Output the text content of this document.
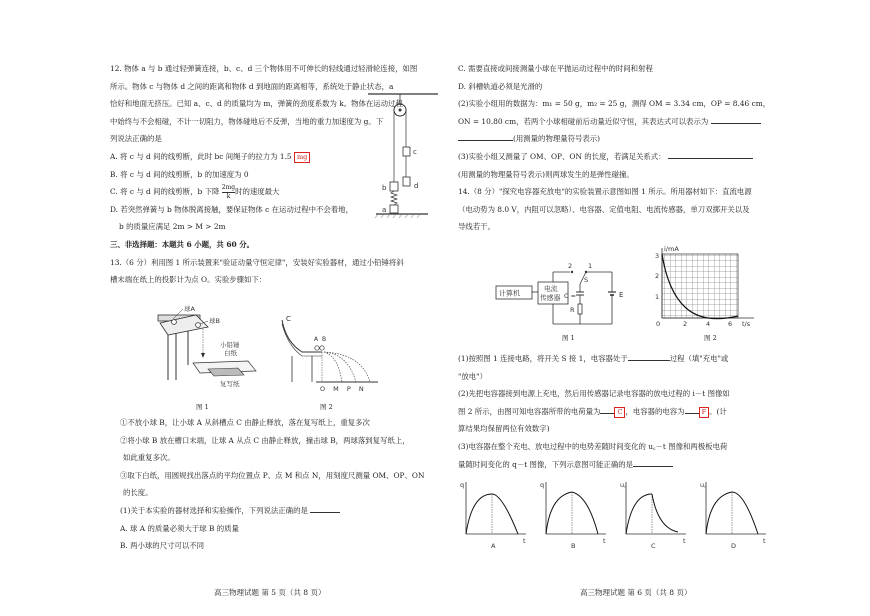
12. 物体 a 与 b 通过轻弹簧连接，b、c、d 三个物体用不可伸长的轻线通过轻滑轮连接，如图
所示。物体 c 与物体 d 之间的距离和物体 d 到地面的距离相等，系统处于静止状态，a
恰好和地面无挤压。已知 a、c、d 的质量均为 m，弹簧的劲度系数为 k。物体在运动过程
中始终与不会相碰，不计一切阻力，物体碰地后不反弹，当地的重力加速度为 g。下
列说法正确的是
A. 将 c 与 d 间的线剪断，此时 bc 间绳子的拉力为 1.5 mg
B. 将 c 与 d 间的线剪断，b 的加速度为 0
C. 将 c 与 d 间的线剪断，b 下降 $\frac{2mg}{k}$ 时的速度最大
D. 若突然弹簧与 b 物体脱离接触，要保证物体 c 在运动过程中不会着地，
b 的质量应满足 2m > M > 2m
三、非选择题：本题共 6 小题，共 60 分。
13.（6 分）利用图 1 所示装置来"验证动量守恒定律"，安装好实验器材，通过小铅锤将斜
槽末端在纸上的投影计为点 O。实验步骤如下：
c
d
b
a
球A
球B
小铅锤
白纸
复写纸
图 1
C
A B
O M P N
图 2
①不放小球 B，让小球 A 从斜槽点 C 由静止释放，落在复写纸上，重复多次
②将小球 B 放在槽口末端，让球 A 从点 C 由静止释放，撞击球 B，两球落到复写纸上，
如此重复多次。
③取下白纸，用圆规找出落点的平均位置点 P、点 M 和点 N，用刻度尺测量 OM、OP、ON
的长度。
(1)关于本实验的器材选择和实验操作，下列说法正确的是
A. 球 A 的质量必须大于球 B 的质量
B. 两小球的尺寸可以不同
高三物理试题 第 5 页（共 8 页）
C. 需要直接或间接测量小球在平抛运动过程中的时间和射程
D. 斜槽轨道必须是光滑的
(2)实验小组用的数据为：m₁ = 50 g，m₂ = 25 g，测得 OM = 3.34 cm，OP = 8.46 cm，
ON = 10.80 cm，若两个小球相碰前后动量近似守恒，其表达式可以表示为
(用测量的物理量符号表示)
(3)实验小组又测量了 OM、OP、ON 的长度，若满足关系式：
(用测量的物理量符号表示)则两球发生的是弹性碰撞。
14.（8 分）"探究电容器充放电"的实验装置示意图如图 1 所示。所用器材如下：直流电源
（电动势为 8.0 V，内阻可以忽略）、电容器、定值电阻、电流传感器，单刀双掷开关以及
导线若干。
计算机
电流
传感器
2 1
S
E
C =
R
图 1
i/mA
3
2
1
0	2	4	6 t/s
图 2
(1)按照图 1 连接电路，将开关 S 接 1，电容器处于	过程（填"充电"或
"放电"）
(2)先把电容器接到电源上充电，然后用传感器记录电容器的放电过程的 i－t 图像如
图 2 所示，由图可知电容器所带的电荷量为	C ，电容器的电容为	F 。(计
算结果均保留两位有效数字)
(3)电容器在整个充电、放电过程中的电势差随时间变化的 u꜀－t 图像和两极板电荷
量随时间变化的 q－t 图像，下列示意图可能正确的是
q
t
A
q
t
B
u꜀
t
C
u꜀
t
D
高三物理试题 第 6 页（共 8 页）
